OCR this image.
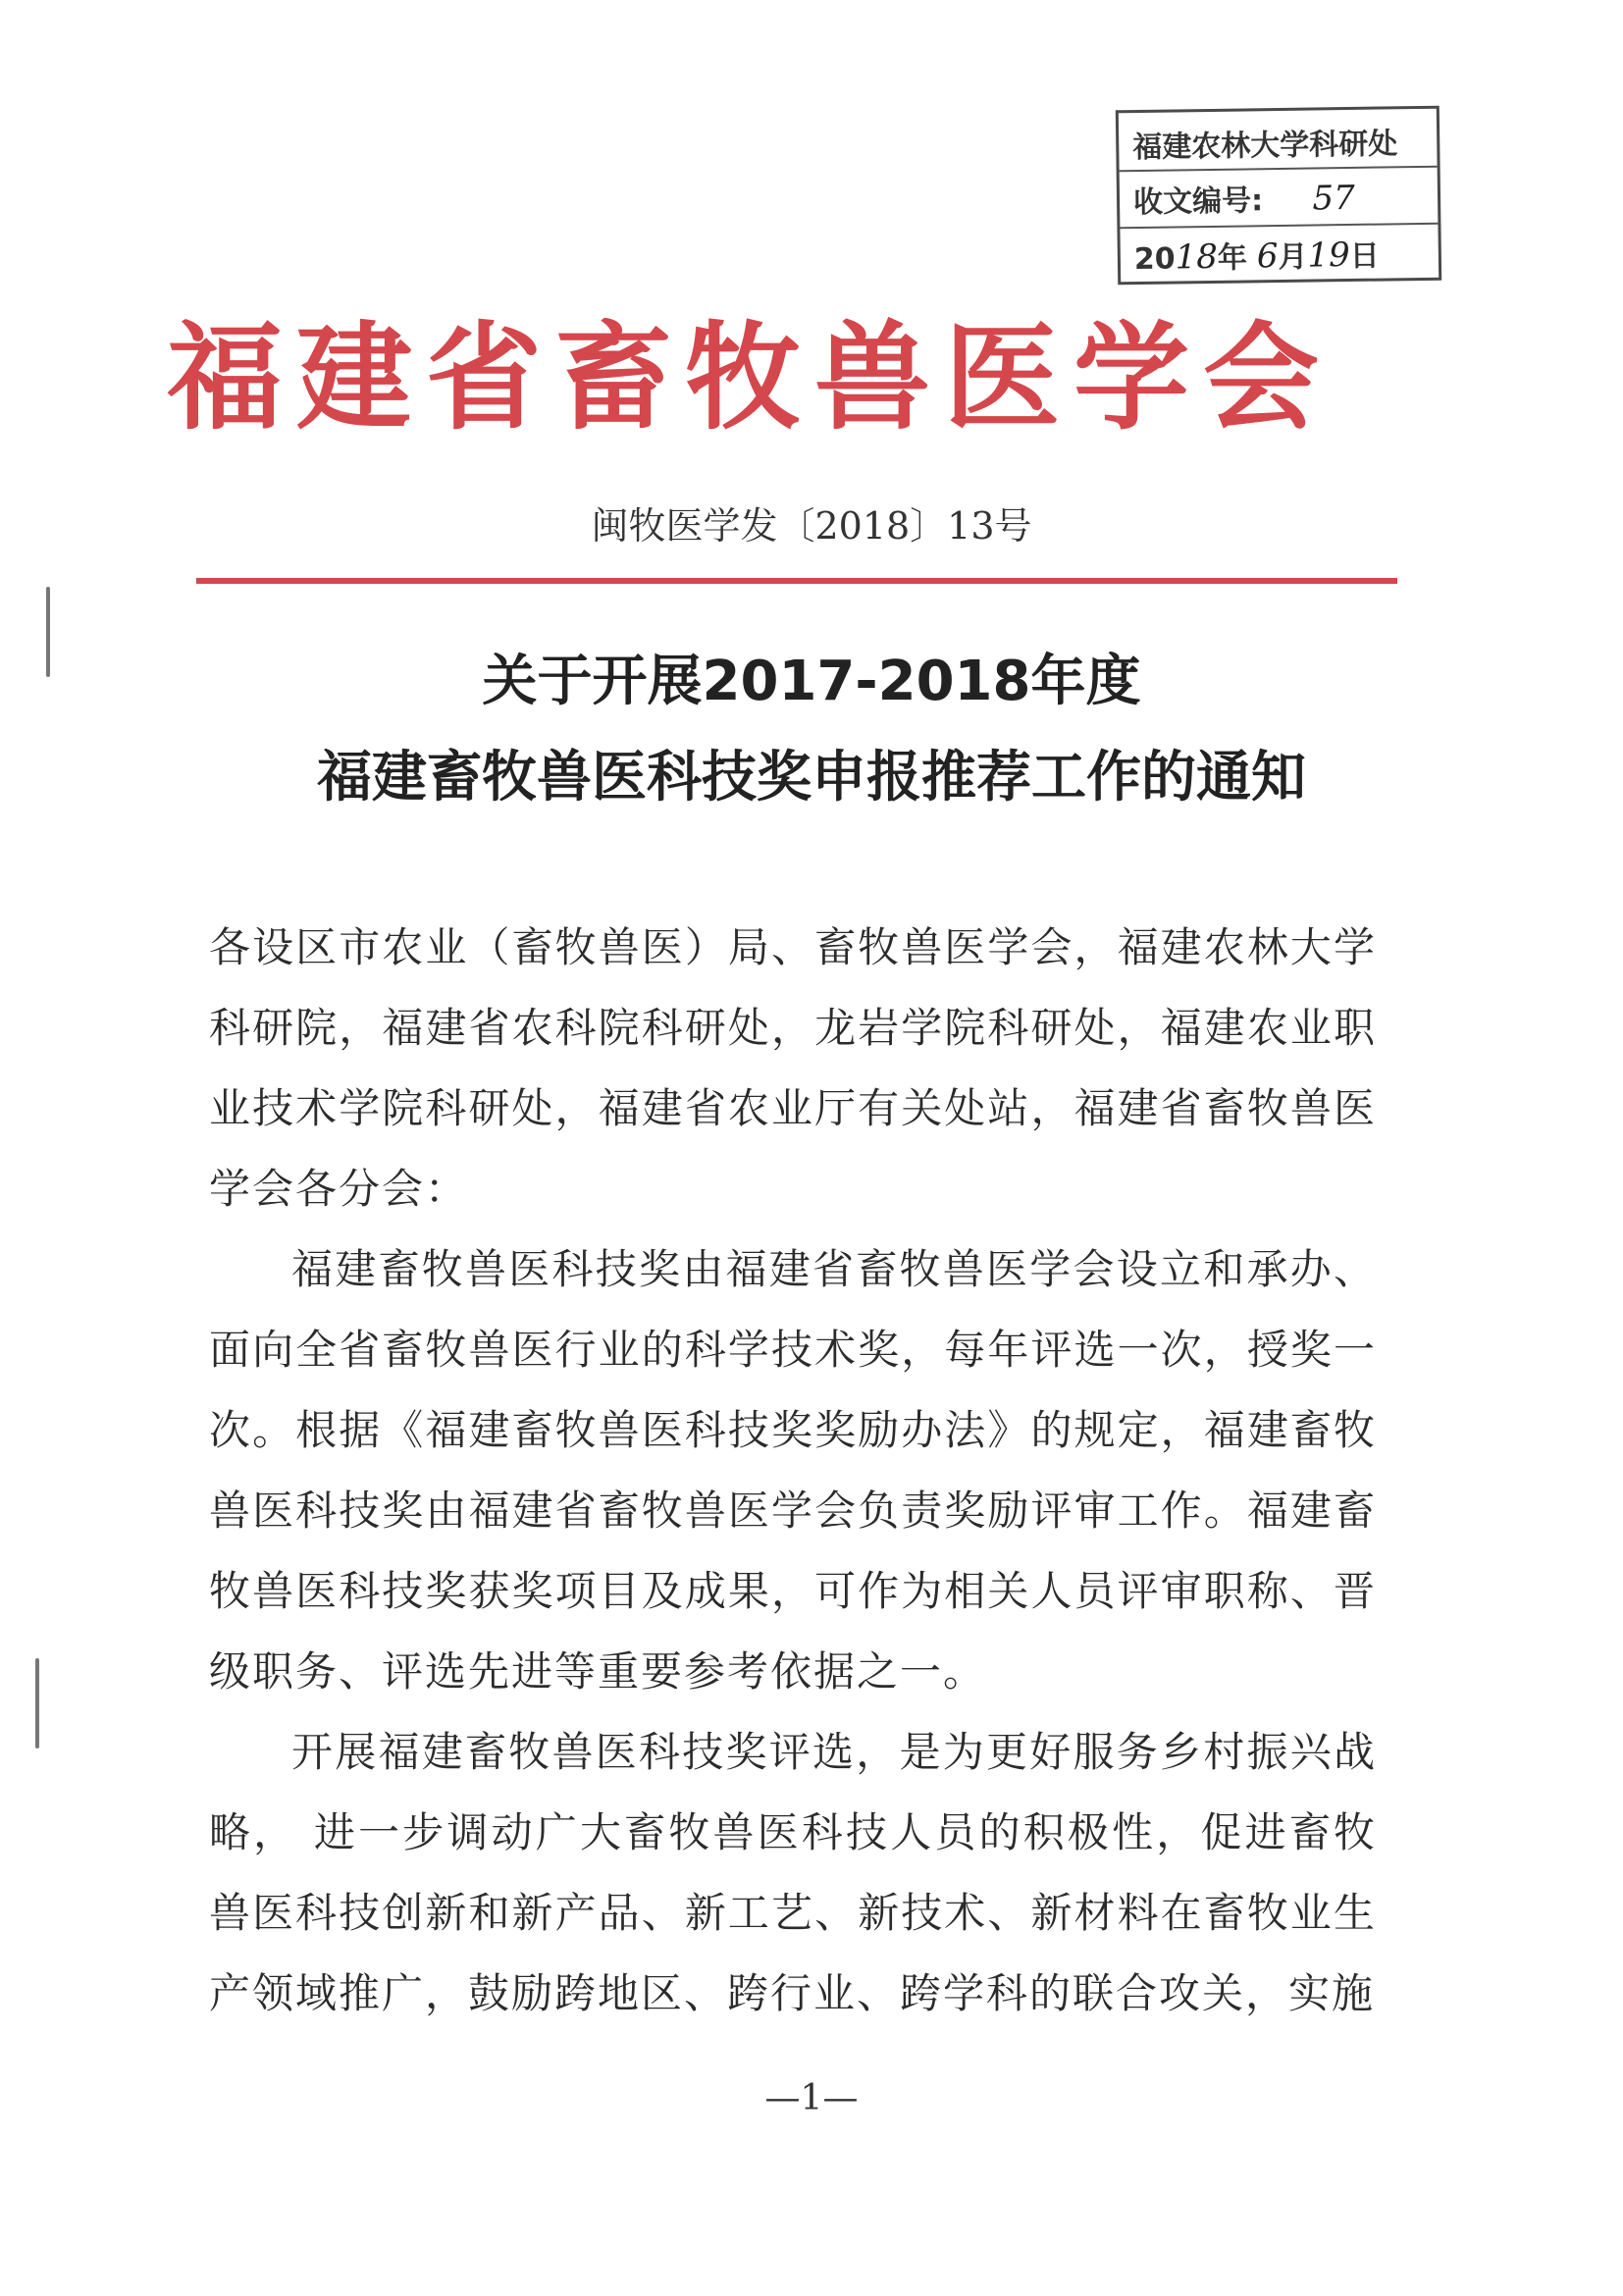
福建农林大学科研处
收文编号: 57
2018年 6月19日
福建省畜牧兽医学会
闽牧医学发〔2018〕13号
关于开展2017-2018年度
福建畜牧兽医科技奖申报推荐工作的通知

各设区市农业（畜牧兽医）局、畜牧兽医学会，福建农林大学科研院，福建省农科院科研处，龙岩学院科研处，福建农业职业技术学院科研处，福建省农业厅有关处站，福建省畜牧兽医学会各分会：

福建畜牧兽医科技奖由福建省畜牧兽医学会设立和承办、面向全省畜牧兽医行业的科学技术奖，每年评选一次，授奖一次。根据《福建畜牧兽医科技奖奖励办法》的规定，福建畜牧兽医科技奖由福建省畜牧兽医学会负责奖励评审工作。福建畜牧兽医科技奖获奖项目及成果，可作为相关人员评审职称、晋级职务、评选先进等重要参考依据之一。

开展福建畜牧兽医科技奖评选，是为更好服务乡村振兴战略， 进一步调动广大畜牧兽医科技人员的积极性，促进畜牧兽医科技创新和新产品、新工艺、新技术、新材料在畜牧业生产领域推广，鼓励跨地区、跨行业、跨学科的联合攻关，实施

—1—
